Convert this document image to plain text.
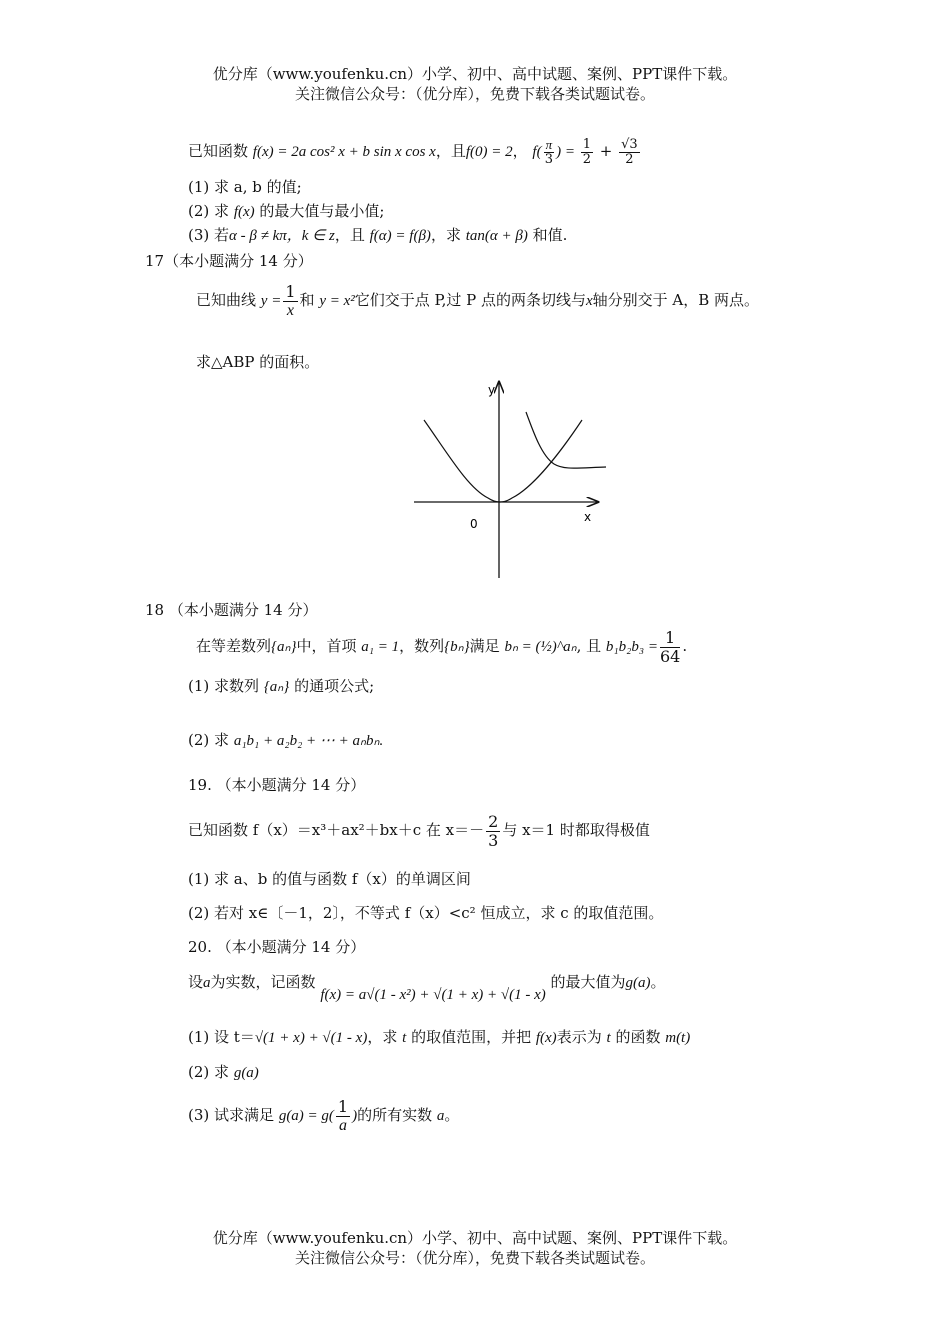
优分库（www.youfenku.cn）小学、初中、高中试题、案例、PPT课件下载。
关注微信公众号：（优分库），免费下载各类试题试卷。
已知函数 f(x) = 2a cos² x + b sin x cos x，且f(0) = 2， $f( \frac{\pi}{3}$ ) = $\frac{1}{2} + \frac{√3}{2}$
(1) 求 a, b 的值;
(2) 求 f(x) 的最大值与最小值;
(3) 若α - β ≠ kπ，k ∈ z，且 f(α) = f(β)，求 tan(α + β) 和值.
17（本小题满分 14 分）
已知曲线 $y = \frac{1}{x}$ 和 y = x²它们交于点 P,过 P 点的两条切线与x轴分别交于 A，B 两点。
求△ABP 的面积。
y
x
0
18 （本小题满分 14 分）
在等差数列{aₙ}中，首项 a₁ = 1，数列{bₙ}满足 bₙ = (½)^aₙ, 且 $b_1b_2b_3 = \frac{1}{64}$ .
(1) 求数列 {aₙ} 的通项公式;
(2) 求 a₁b₁ + a₂b₂ + ⋯ + aₙbₙ.
19. （本小题满分 14 分）
已知函数 f（x）＝x³＋ax²＋bx＋c 在 $x=- \frac{2}{3}$ 与 x＝1 时都取得极值
(1) 求 a、b 的值与函数 f（x）的单调区间
(2) 若对 x∈〔－1，2〕，不等式 f（x）<c² 恒成立，求 c 的取值范围。
20. （本小题满分 14 分）
设a为实数，记函数 f(x) = a√(1 - x²) + √(1 + x) + √(1 - x) 的最大值为g(a)。
(1) 设 t＝√(1 + x) + √(1 - x)，求 t 的取值范围，并把 f(x)表示为 t 的函数 m(t)
(2) 求 g(a)
(3) 试求满足 $g(a) = g( \frac{1}{a}$ )的所有实数 a。
优分库（www.youfenku.cn）小学、初中、高中试题、案例、PPT课件下载。
关注微信公众号：（优分库），免费下载各类试题试卷。
